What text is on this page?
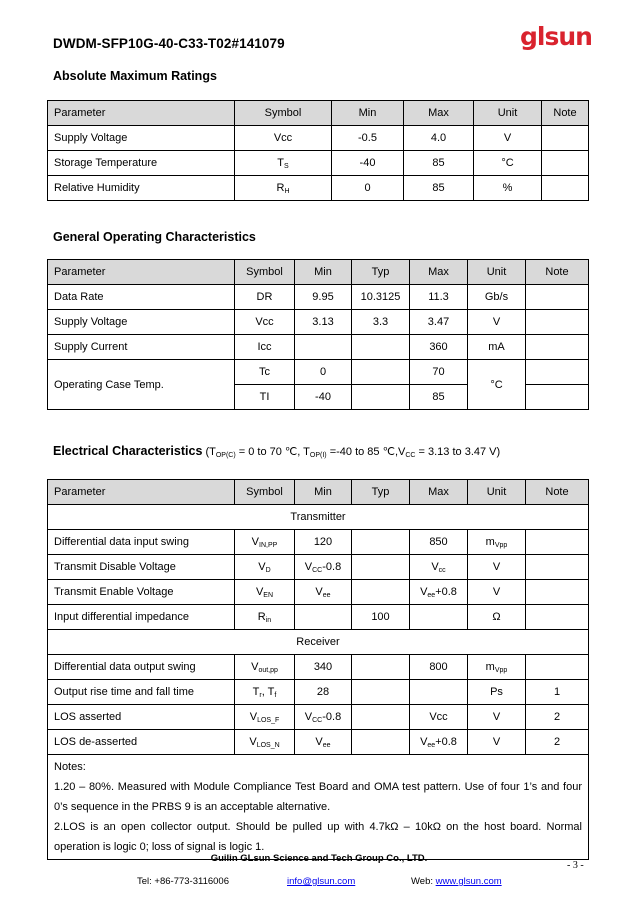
DWDM-SFP10G-40-C33-T02#141079	glsun
Absolute Maximum Ratings
Parameter	Symbol	Min	Max	Unit	Note
Supply Voltage	Vcc	-0.5	4.0	V	
Storage Temperature	$T_S$	-40	85	°C	
Relative Humidity	$R_H$	0	85	%	
General Operating Characteristics
Parameter	Symbol	Min	Typ	Max	Unit	Note
Data Rate	DR	9.95	10.3125	11.3	Gb/s	
Supply Voltage	Vcc	3.13	3.3	3.47	V	
Supply Current	Icc			360	mA	
Operating Case Temp.	Tc	0		70	°C	
	TI	-40		85		
Electrical Characteristics ($T_{OP(C)} = 0$ to 70 ℃, $T_{OP(I)} =-40$ to 85 $℃,V_{CC} = 3.13$ to 3.47 V)
Parameter	Symbol	Min	Typ	Max	Unit	Note
Transmitter						
Differential data input swing	$V_{IN,PP}$	120		850	$m_{Vpp}$	
Transmit Disable Voltage	$V_D$	$V_{CC}-0.8$		$V_{cc}$	V	
Transmit Enable Voltage	$V_{EN}$	$V_{ee}$		$V_{ee}+0.8$	V	
Input differential impedance	$R_{in}$		100		Ω	
Receiver						
Differential data output swing	$V_{out,pp}$	340		800	$m_{Vpp}$	
Output rise time and fall time	$T_r$, $T_f$	28			Ps	1
LOS asserted	$V_{LOS\_F}$	$V_{CC}-0.8$		Vcc	V	2
LOS de-asserted	$V_{LOS\_N}$	$V_{ee}$		$V_{ee}+0.8$	V	2

Notes:

1.20 – 80%. Measured with Module Compliance Test Board and OMA test pattern. Use of four 1’s and four 0’s sequence in the PRBS 9 is an acceptable alternative.

2.LOS is an open collector output. Should be pulled up with 4.7kΩ – 10kΩ on the host board. Normal operation is logic 0; loss of signal is logic 1.						

Guilin GLsun Science and Tech Group Co., LTD.
- 3 -
Tel: +86-773-3116006	info@glsun.com	Web: www.glsun.com
